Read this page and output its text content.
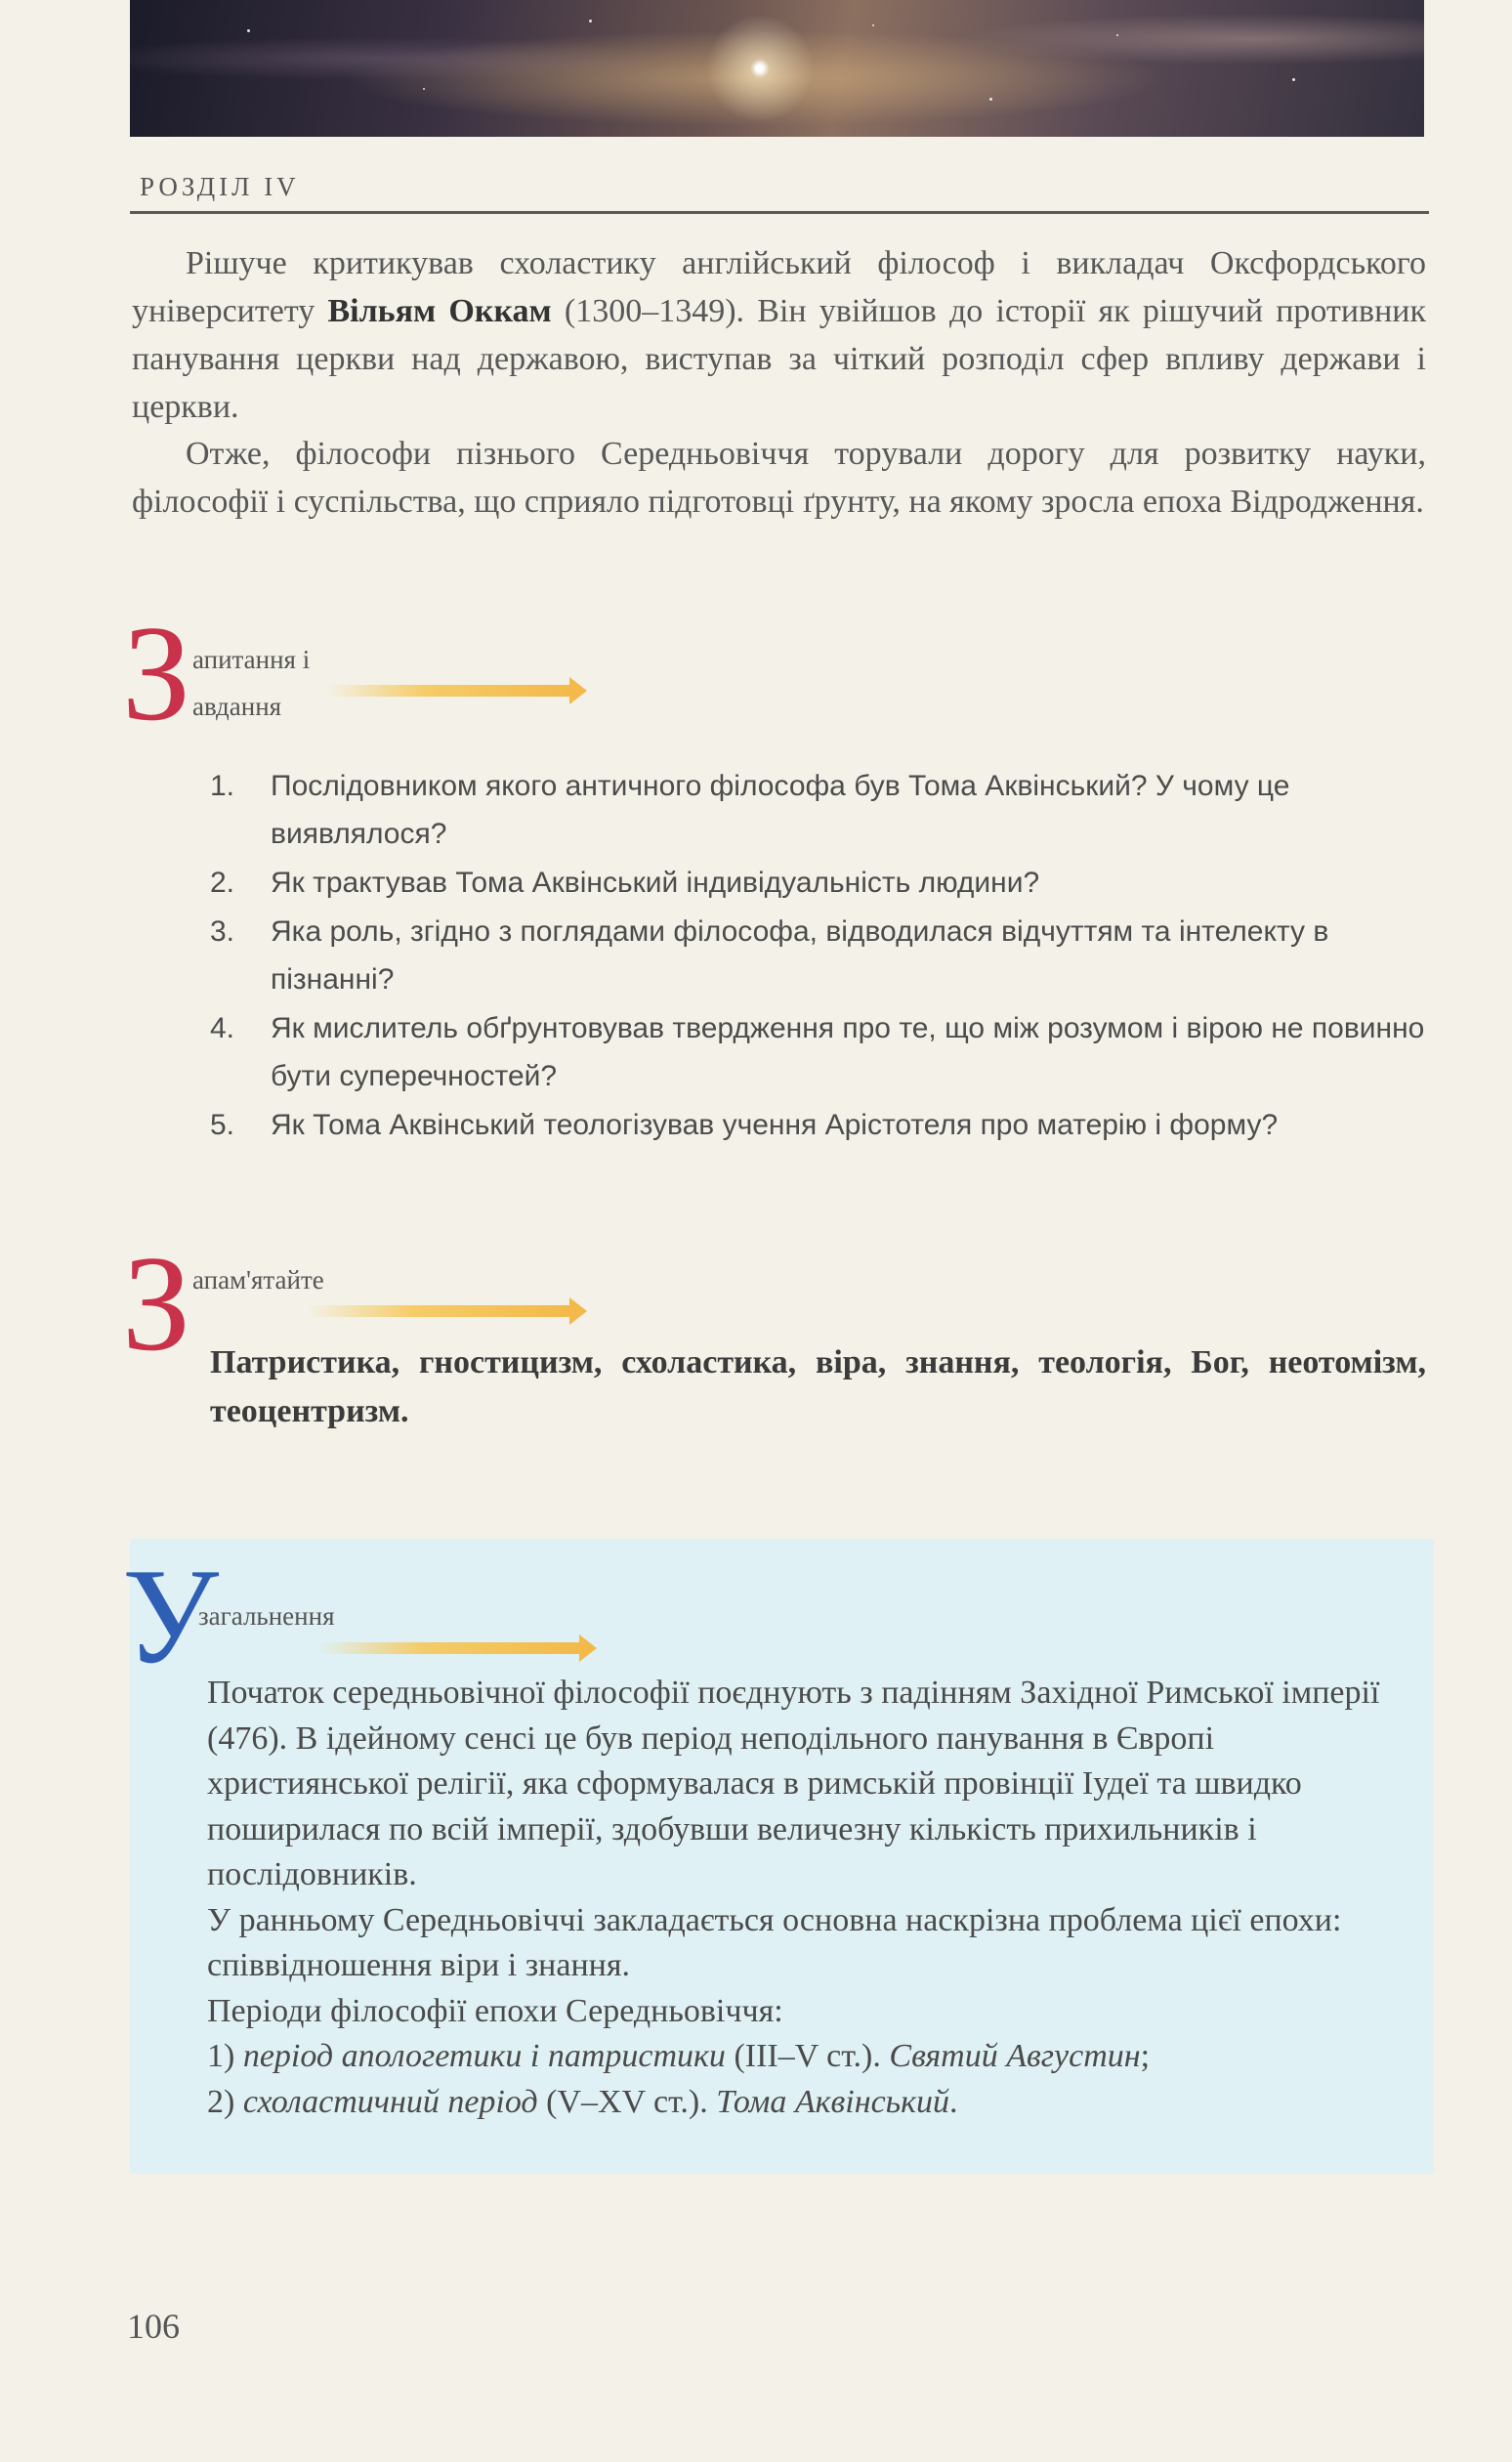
РОЗДІЛ IV

Рішуче критикував схоластику англійський філософ і викладач Оксфордського університету Вільям Оккам (1300–1349). Він увійшов до історії як рішучий противник панування церкви над державою, виступав за чіткий розподіл сфер впливу держави і церкви.

Отже, філософи пізнього Середньовіччя торували дорогу для розвитку науки, філософії і суспільства, що сприяло підготовці ґрунту, на якому зросла епоха Відродження.

З апитання і
авдання
1. Послідовником якого античного філософа був Тома Аквінський? У чому це виявлялося?
2. Як трактував Тома Аквінський індивідуальність людини?
3. Яка роль, згідно з поглядами філософа, відводилася відчуттям та інтелекту в пізнанні?
4. Як мислитель обґрунтовував твердження про те, що між розумом і вірою не повинно бути суперечностей?
5. Як Тома Аквінський теологізував учення Арістотеля про матерію і форму?
З апам'ятайте

Патристика, гностицизм, схоластика, віра, знання, теологія, Бог, неотомізм, теоцентризм.

У
загальнення
Початок середньовічної філософії поєднують з падінням Західної Римської імперії (476). В ідейному сенсі це був період неподільного панування в Європі християнської релігії, яка сформувалася в римській провінції Іудеї та швидко поширилася по всій імперії, здобувши величезну кількість прихильників і послідовників.
У ранньому Середньовіччі закладається основна наскрізна проблема цієї епохи: співвідношення віри і знання.
Періоди філософії епохи Середньовіччя:
1) період апологетики і патристики (III–V ст.). Святий Августин;
2) схоластичний період (V–XV ст.). Тома Аквінський.
106
